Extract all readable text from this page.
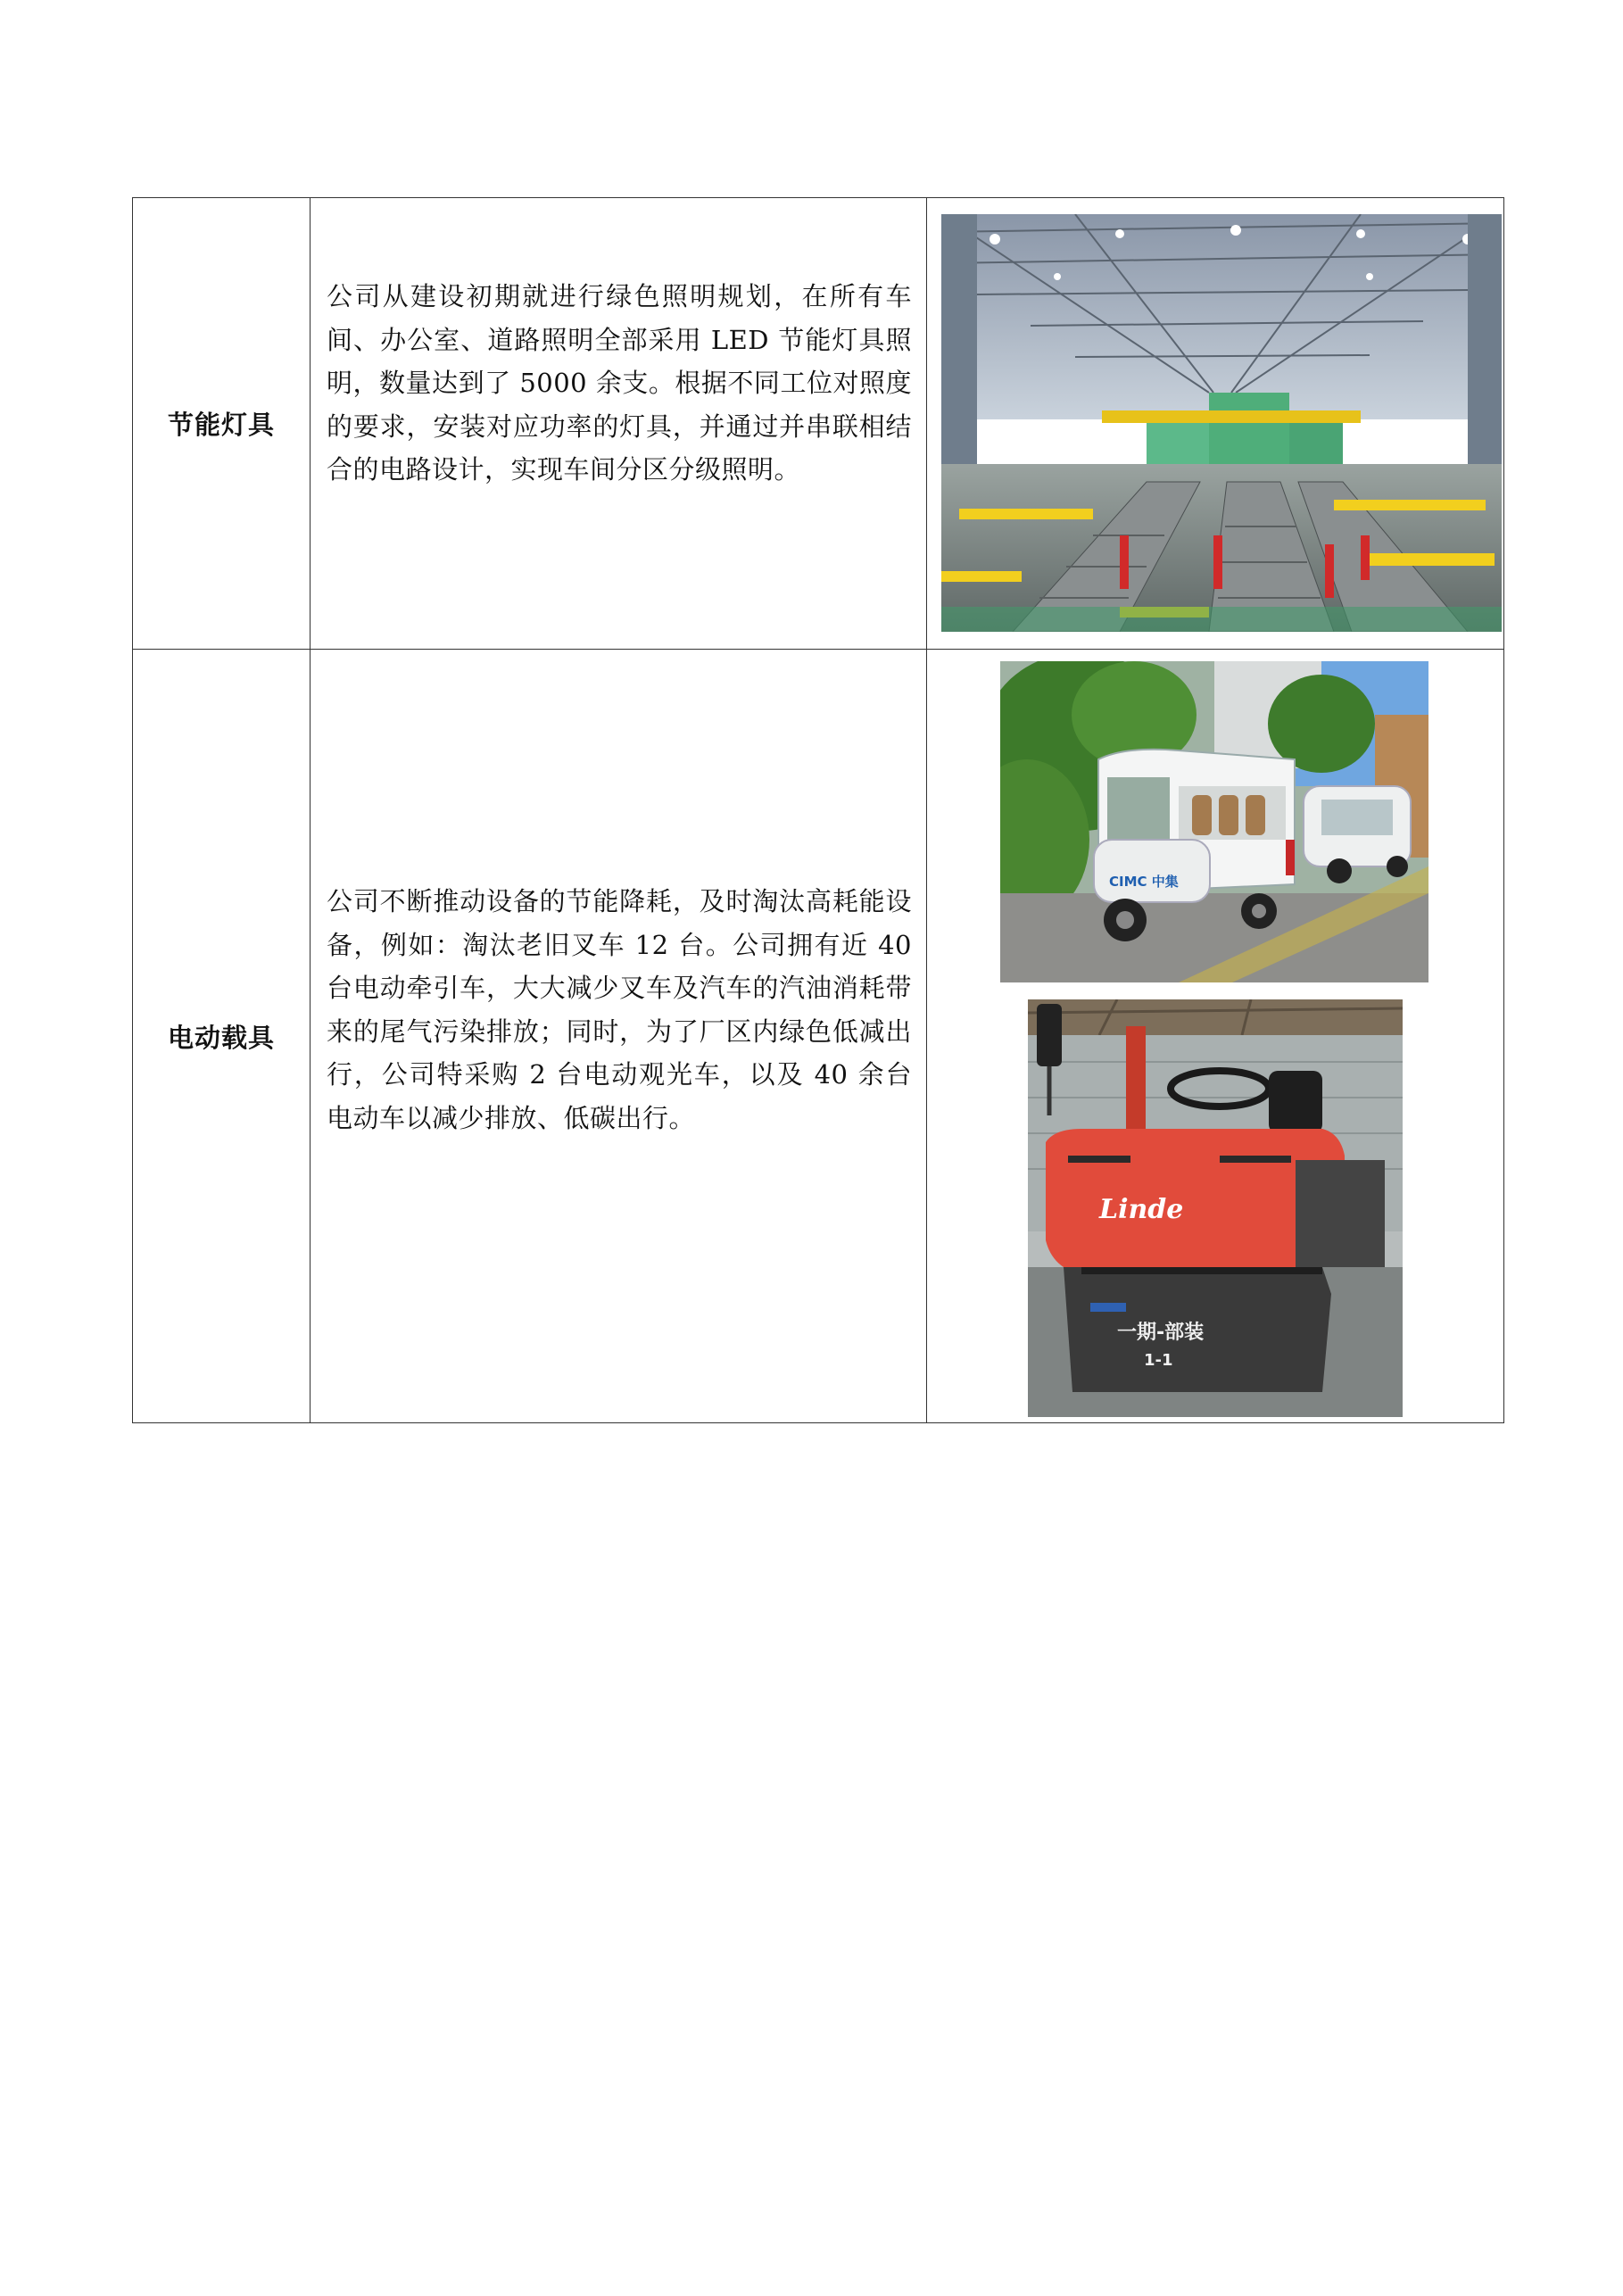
节能灯具
公司从建设初期就进行绿色照明规划，在所有车间、办公室、道路照明全部采用 LED 节能灯具照明，数量达到了 5000 余支。根据不同工位对照度的要求，安装对应功率的灯具，并通过并串联相结合的电路设计，实现车间分区分级照明。
电动载具
公司不断推动设备的节能降耗，及时淘汰高耗能设备，例如：淘汰老旧叉车 12 台。公司拥有近 40 台电动牵引车，大大减少叉车及汽车的汽油消耗带来的尾气污染排放；同时，为了厂区内绿色低减出行，公司特采购 2 台电动观光车，以及 40 余台电动车以减少排放、低碳出行。
CIMC 中集
Linde
一期-部装
1-1
